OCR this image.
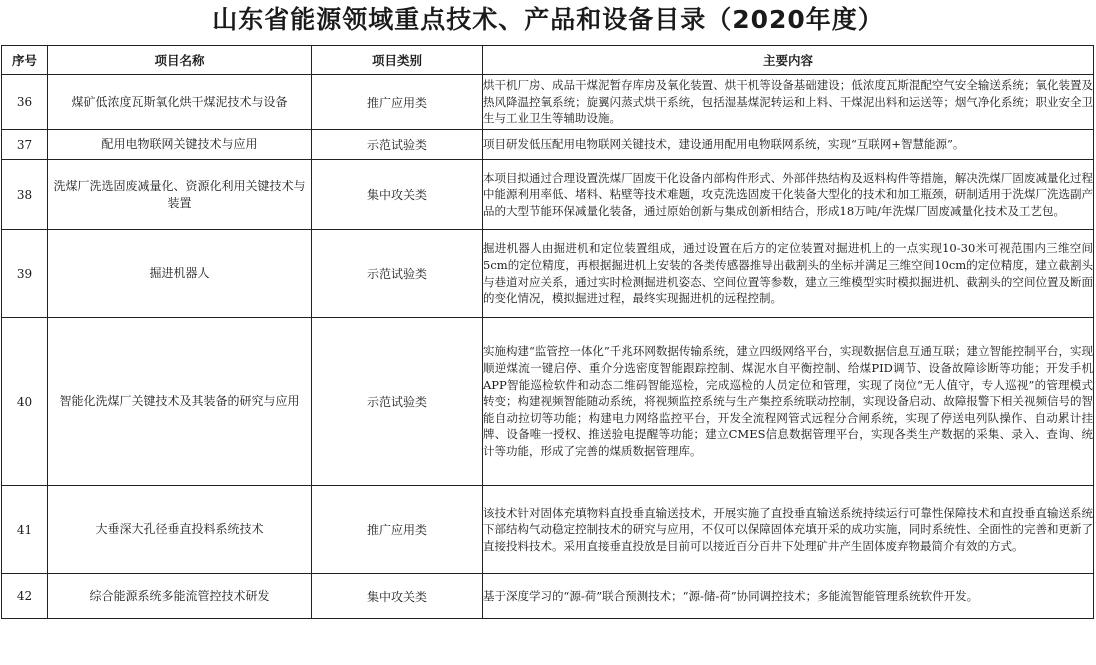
山东省能源领域重点技术、产品和设备目录（2020年度）
序号	项目名称	项目类别	主要内容
36	煤矿低浓度瓦斯氧化烘干煤泥技术与设备	推广应用类	烘干机厂房、成品干煤泥暂存库房及氧化装置、烘干机等设备基础建设；低浓度瓦斯混配空气安全输送系统；氧化装置及热风降温控氧系统；旋翼闪蒸式烘干系统，包括湿基煤泥转运和上料、干煤泥出料和运送等；烟气净化系统；职业安全卫生与工业卫生等辅助设施。
37	配用电物联网关键技术与应用	示范试验类	项目研发低压配用电物联网关键技术，建设通用配用电物联网系统，实现“互联网+智慧能源”。
38	洗煤厂洗选固废减量化、资源化利用关键技术与装置	集中攻关类	本项目拟通过合理设置洗煤厂固废干化设备内部构件形式、外部伴热结构及返料构件等措施，解决洗煤厂固废减量化过程中能源利用率低、堵料、粘壁等技术难题，攻克洗选固废干化装备大型化的技术和加工瓶颈，研制适用于洗煤厂洗选副产品的大型节能环保减量化装备，通过原始创新与集成创新相结合，形成18万吨/年洗煤厂固废减量化技术及工艺包。
39	掘进机器人	示范试验类	掘进机器人由掘进机和定位装置组成，通过设置在后方的定位装置对掘进机上的一点实现10-30米可视范围内三维空间5cm的定位精度，再根据掘进机上安装的各类传感器推导出截割头的坐标并满足三维空间10cm的定位精度，建立截割头与巷道对应关系，通过实时检测掘进机姿态、空间位置等参数，建立三维模型实时模拟掘进机、截割头的空间位置及断面的变化情况，模拟掘进过程，最终实现掘进机的远程控制。
40	智能化洗煤厂关键技术及其装备的研究与应用	示范试验类	实施构建“监管控一体化”千兆环网数据传输系统，建立四级网络平台，实现数据信息互通互联；建立智能控制平台，实现顺逆煤流一键启停、重介分选密度智能跟踪控制、煤泥水自平衡控制、给煤PID调节、设备故障诊断等功能；开发手机APP智能巡检软件和动态二维码智能巡检，完成巡检的人员定位和管理，实现了岗位“无人值守，专人巡视”的管理模式转变；构建视频智能随动系统，将视频监控系统与生产集控系统联动控制，实现设备启动、故障报警下相关视频信号的智能自动拉切等功能；构建电力网络监控平台，开发全流程网管式远程分合闸系统，实现了停送电列队操作、自动累计挂牌、设备唯一授权、推送验电提醒等功能；建立CMES信息数据管理平台，实现各类生产数据的采集、录入、查询、统计等功能，形成了完善的煤质数据管理库。
41	大垂深大孔径垂直投料系统技术	推广应用类	该技术针对固体充填物料直投垂直输送技术，开展实施了直投垂直输送系统持续运行可靠性保障技术和直投垂直输送系统下部结构气动稳定控制技术的研究与应用，不仅可以保障固体充填开采的成功实施，同时系统性、全面性的完善和更新了直接投料技术。采用直接垂直投放是目前可以接近百分百井下处理矿井产生固体废弃物最简介有效的方式。
42	综合能源系统多能流管控技术研发	集中攻关类	基于深度学习的“源-荷”联合预测技术；“源-储-荷”协同调控技术；多能流智能管理系统软件开发。
